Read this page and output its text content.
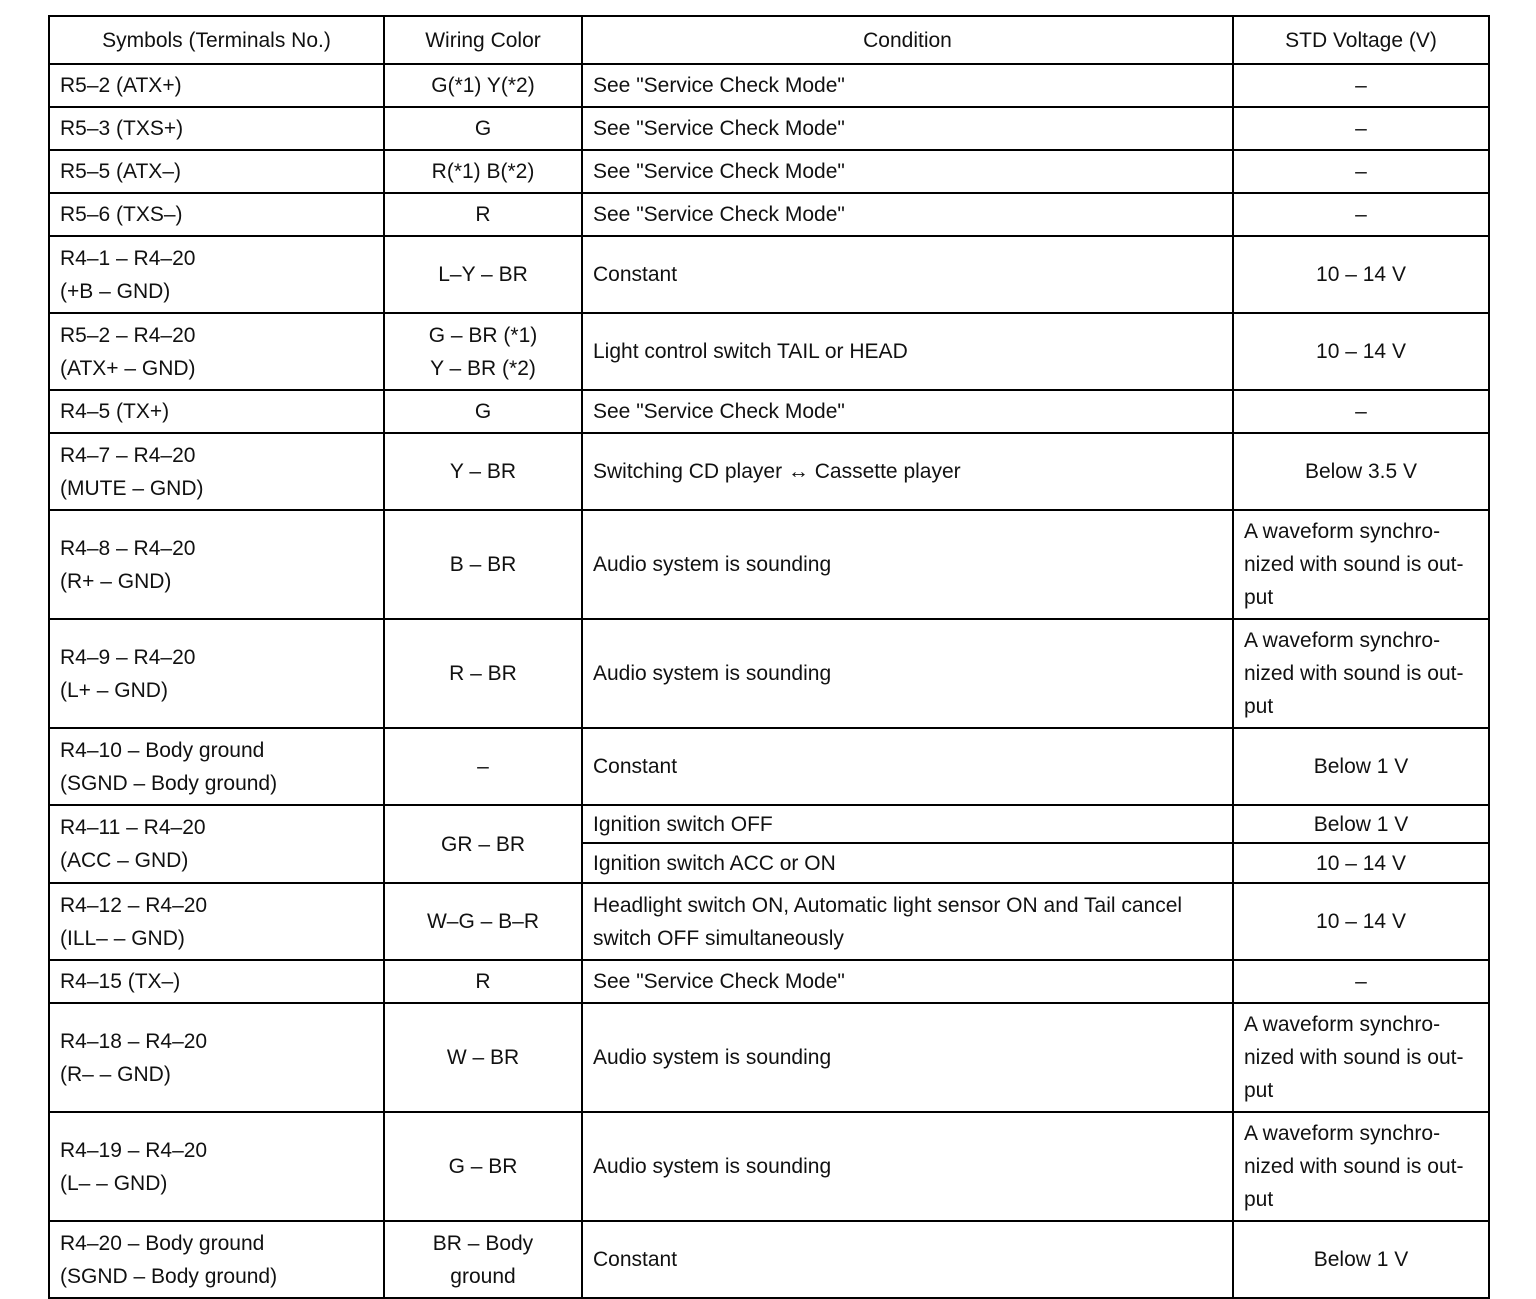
Symbols (Terminals No.)	Wiring Color	Condition	STD Voltage (V)

R5–2 (ATX+)	G(*1) Y(*2)	See "Service Check Mode"	–

R5–3 (TXS+)	G	See "Service Check Mode"	–

R5–5 (ATX–)	R(*1) B(*2)	See "Service Check Mode"	–

R5–6 (TXS–)	R	See "Service Check Mode"	–

R4–1 – R4–20
(+B – GND)	L–Y – BR	Constant	10 – 14 V

R5–2 – R4–20
(ATX+ – GND)	G – BR (*1)
Y – BR (*2)	Light control switch TAIL or HEAD	10 – 14 V

R4–5 (TX+)	G	See "Service Check Mode"	–

R4–7 – R4–20
(MUTE – GND)	Y – BR	Switching CD player ↔ Cassette player	Below 3.5 V

R4–8 – R4–20
(R+ – GND)	B – BR	Audio system is sounding	A waveform synchro-
nized with sound is out-
put

R4–9 – R4–20
(L+ – GND)	R – BR	Audio system is sounding	A waveform synchro-
nized with sound is out-
put

R4–10 – Body ground
(SGND – Body ground)	–	Constant	Below 1 V

R4–11 – R4–20
(ACC – GND)	GR – BR	Ignition switch OFF	Below 1 V
		Ignition switch ACC or ON	10 – 14 V

R4–12 – R4–20
(ILL– – GND)	W–G – B–R	Headlight switch ON, Automatic light sensor ON and Tail cancel switch OFF simultaneously	10 – 14 V

R4–15 (TX–)	R	See "Service Check Mode"	–

R4–18 – R4–20
(R– – GND)	W – BR	Audio system is sounding	A waveform synchro-
nized with sound is out-
put

R4–19 – R4–20
(L– – GND)	G – BR	Audio system is sounding	A waveform synchro-
nized with sound is out-
put

R4–20 – Body ground
(SGND – Body ground)	BR – Body
ground	Constant	Below 1 V
